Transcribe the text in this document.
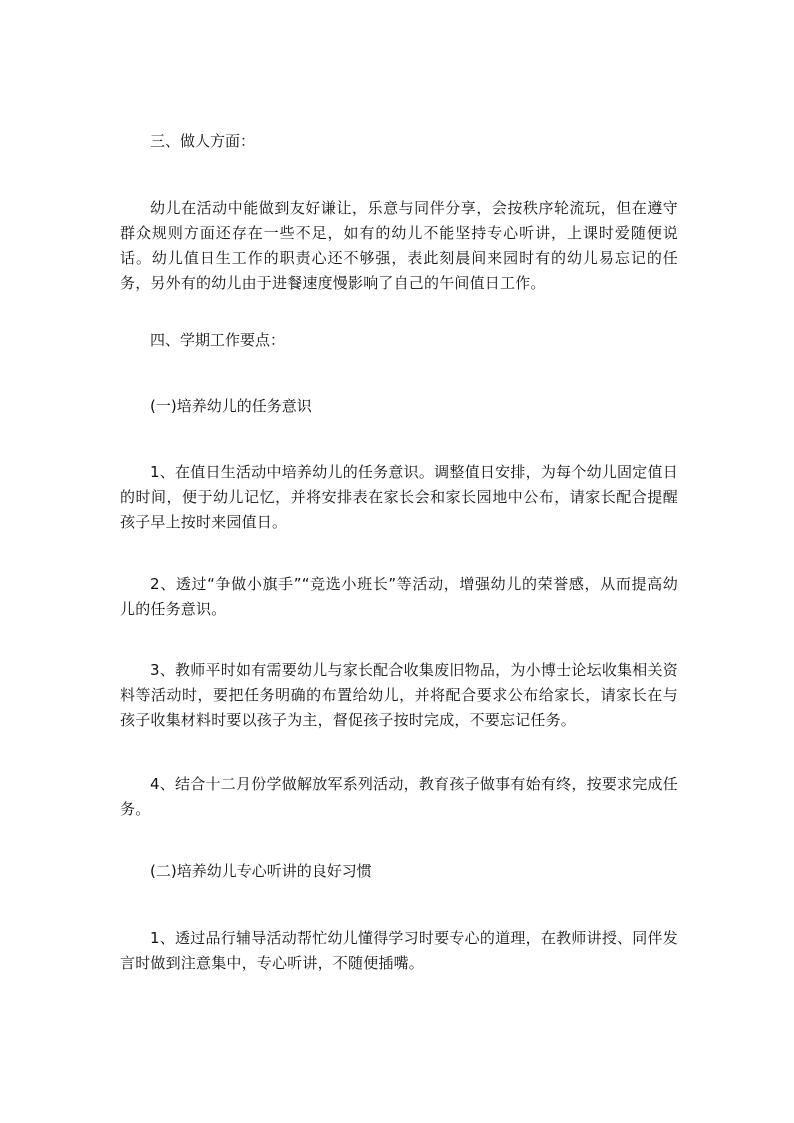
三、做人方面：
幼儿在活动中能做到友好谦让，乐意与同伴分享，会按秩序轮流玩，但在遵守群众规则方面还存在一些不足，如有的幼儿不能坚持专心听讲，上课时爱随便说话。幼儿值日生工作的职责心还不够强，表此刻晨间来园时有的幼儿易忘记的任务，另外有的幼儿由于进餐速度慢影响了自己的午间值日工作。
四、学期工作要点：
(一)培养幼儿的任务意识
1、在值日生活动中培养幼儿的任务意识。调整值日安排，为每个幼儿固定值日的时间，便于幼儿记忆，并将安排表在家长会和家长园地中公布，请家长配合提醒孩子早上按时来园值日。
2、透过“争做小旗手”“竞选小班长”等活动，增强幼儿的荣誉感，从而提高幼儿的任务意识。
3、教师平时如有需要幼儿与家长配合收集废旧物品，为小博士论坛收集相关资料等活动时，要把任务明确的布置给幼儿，并将配合要求公布给家长，请家长在与孩子收集材料时要以孩子为主，督促孩子按时完成，不要忘记任务。
4、结合十二月份学做解放军系列活动，教育孩子做事有始有终，按要求完成任务。
(二)培养幼儿专心听讲的良好习惯
1、透过品行辅导活动帮忙幼儿懂得学习时要专心的道理，在教师讲授、同伴发言时做到注意集中，专心听讲，不随便插嘴。
